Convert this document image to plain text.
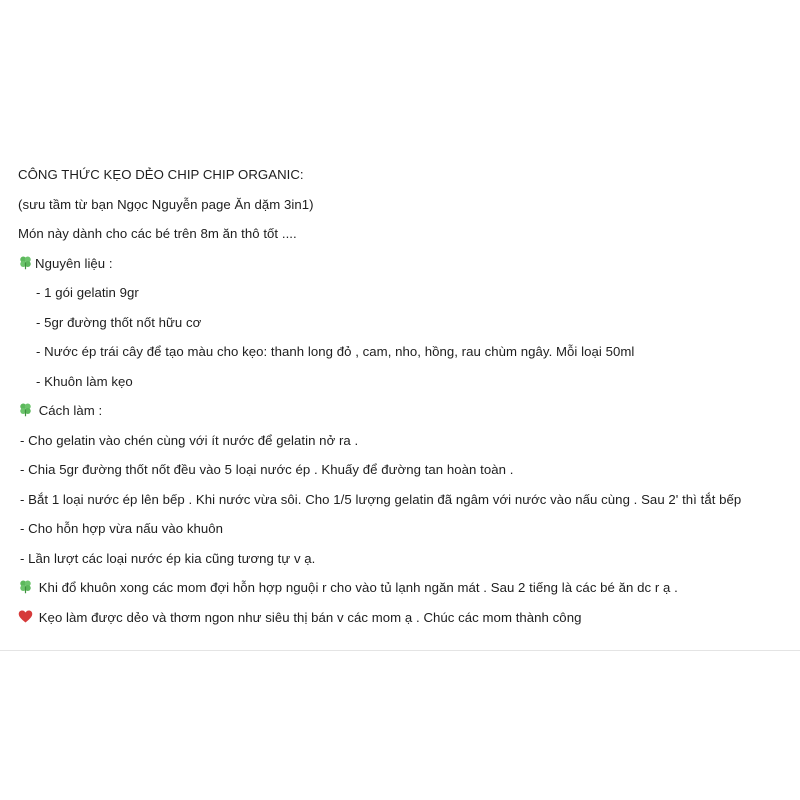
CÔNG THỨC KẸO DẺO CHIP CHIP ORGANIC:
(sưu tầm từ bạn Ngọc Nguyễn page Ăn dặm 3in1)
Món này dành cho các bé trên 8m ăn thô tốt ....
Nguyên liệu :
- 1 gói gelatin 9gr
- 5gr đường thốt nốt hữu cơ
- Nước ép trái cây để tạo màu cho kẹo: thanh long đỏ , cam, nho, hồng, rau chùm ngây. Mỗi loại 50ml
- Khuôn làm kẹo
Cách làm :
- Cho gelatin vào chén cùng với ít nước để gelatin nở ra .
- Chia 5gr đường thốt nốt đều vào 5 loại nước ép . Khuấy để đường tan hoàn toàn .
- Bắt 1 loại nước ép lên bếp . Khi nước vừa sôi. Cho 1/5 lượng gelatin đã ngâm với nước vào nấu cùng . Sau 2' thì tắt bếp
- Cho hỗn hợp vừa nấu vào khuôn
- Lần lượt các loại nước ép kia cũng tương tự v ạ.
Khi đổ khuôn xong các mom đợi hỗn hợp nguội r cho vào tủ lạnh ngăn mát . Sau 2 tiếng là các bé ăn dc r ạ .
Kẹo làm được dẻo và thơm ngon như siêu thị bán v các mom ạ . Chúc các mom thành công
